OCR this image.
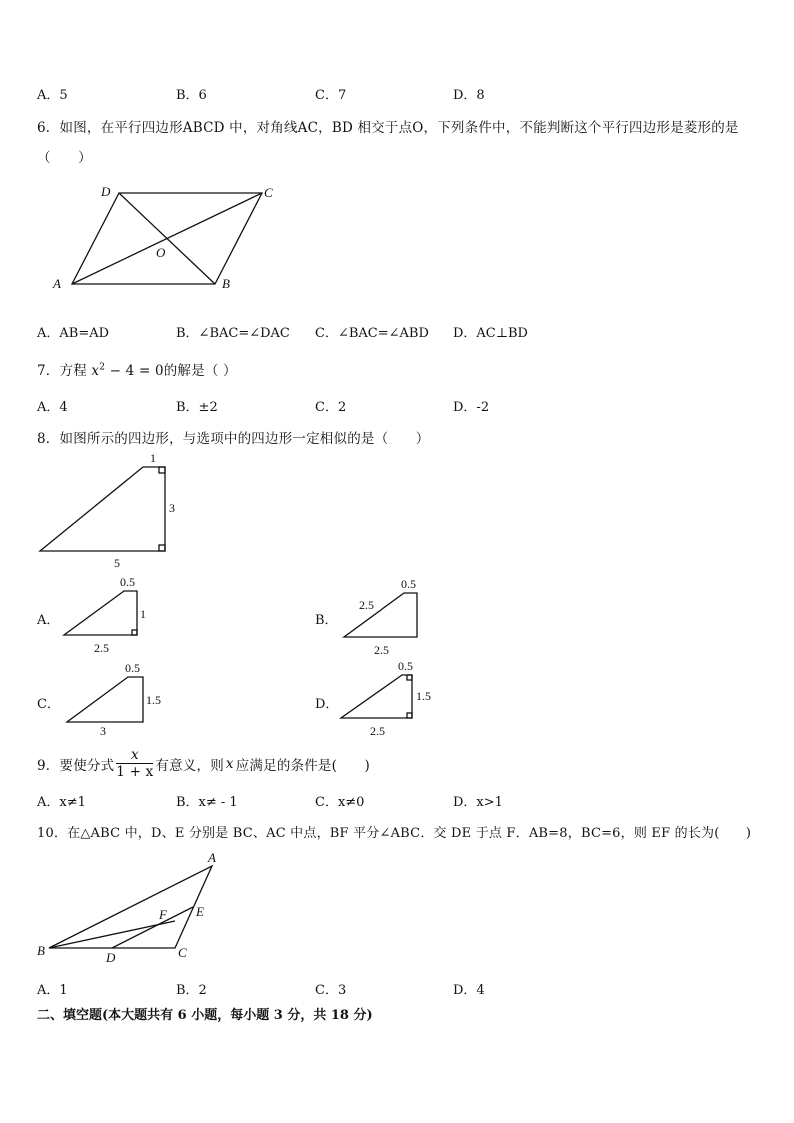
A．5	B．6	C．7	D．8
6．如图，在平行四边形ABCD 中，对角线AC，BD 相交于点O，下列条件中，不能判断这个平行四边形是菱形的是
（　　）
A	B
C
D
O
1
3
5
0.5
1
2.5
0.5
2.5
2.5
0.5
1.5
3
0.5
1.5
2.5
A
B	C
D
E
F
A．AB=AD	B．∠BAC=∠DAC C．∠BAC=∠ABD D．AC⊥BD
7．方程 $x^2 - 4 = 0$的解是（ ）
A．4	B．±2	C．2	D．-2
8．如图所示的四边形，与选项中的四边形一定相似的是（　　）
A．	B．
C．	D．
9．要使分式 $\frac{x}{1 + x}$ 有意义，则 x 应满足的条件是(　　)
A．x≠1	B．x≠ - 1	C．x≠0	D．x>1
10．在△ABC 中，D、E 分别是 BC、AC 中点，BF 平分∠ABC．交 DE 于点 F．AB=8，BC=6，则 EF 的长为(　　)
A．1	B．2	C．3	D．4
二、填空题(本大题共有 6 小题，每小题 3 分，共 18 分)
